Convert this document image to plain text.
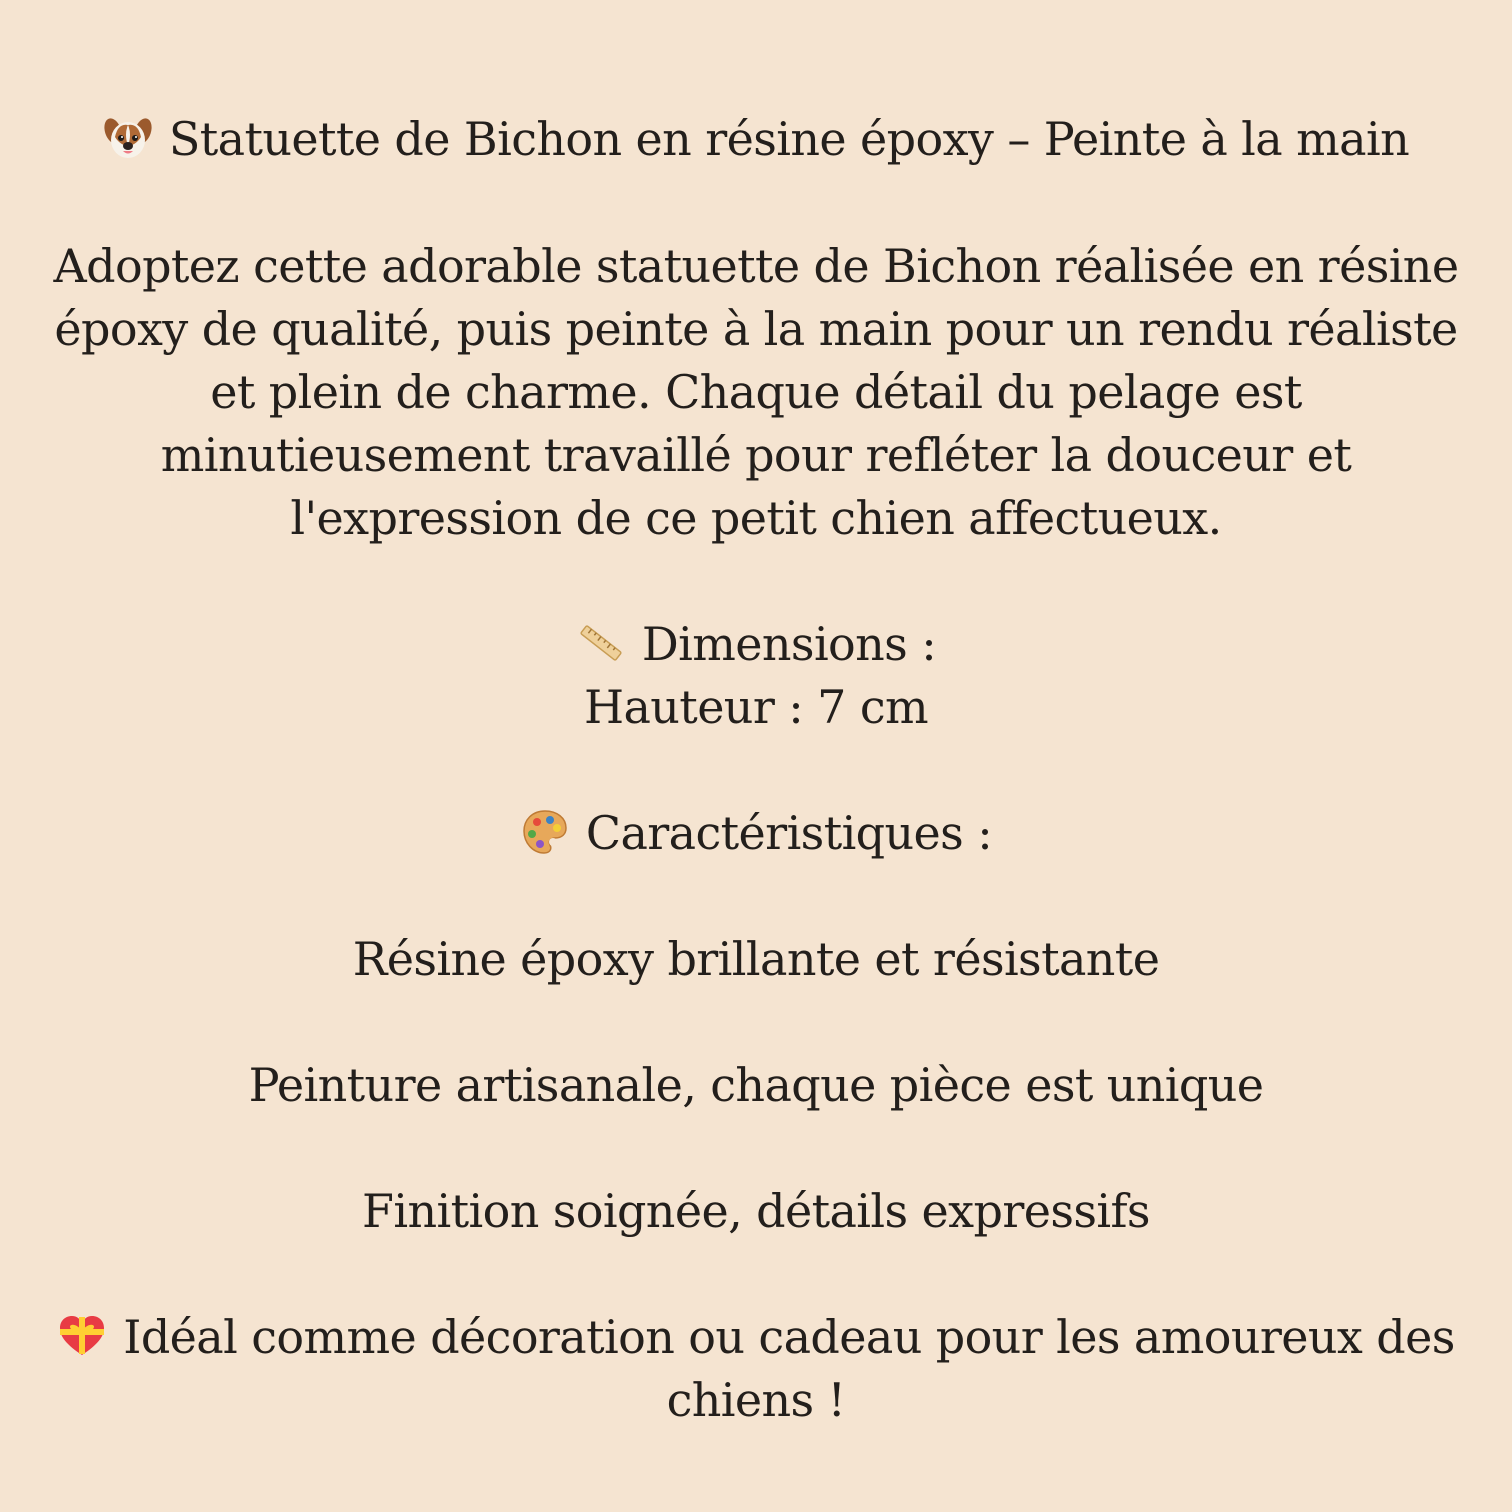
Statuette de Bichon en résine époxy – Peinte à la main

Adoptez cette adorable statuette de Bichon réalisée en résine époxy de qualité, puis peinte à la main pour un rendu réaliste et plein de charme. Chaque détail du pelage est minutieusement travaillé pour refléter la douceur et l'expression de ce petit chien affectueux.

Dimensions :
Hauteur : 7 cm
Caractéristiques :
Résine époxy brillante et résistante
Peinture artisanale, chaque pièce est unique
Finition soignée, détails expressifs

Idéal comme décoration ou cadeau pour les amoureux des chiens !
